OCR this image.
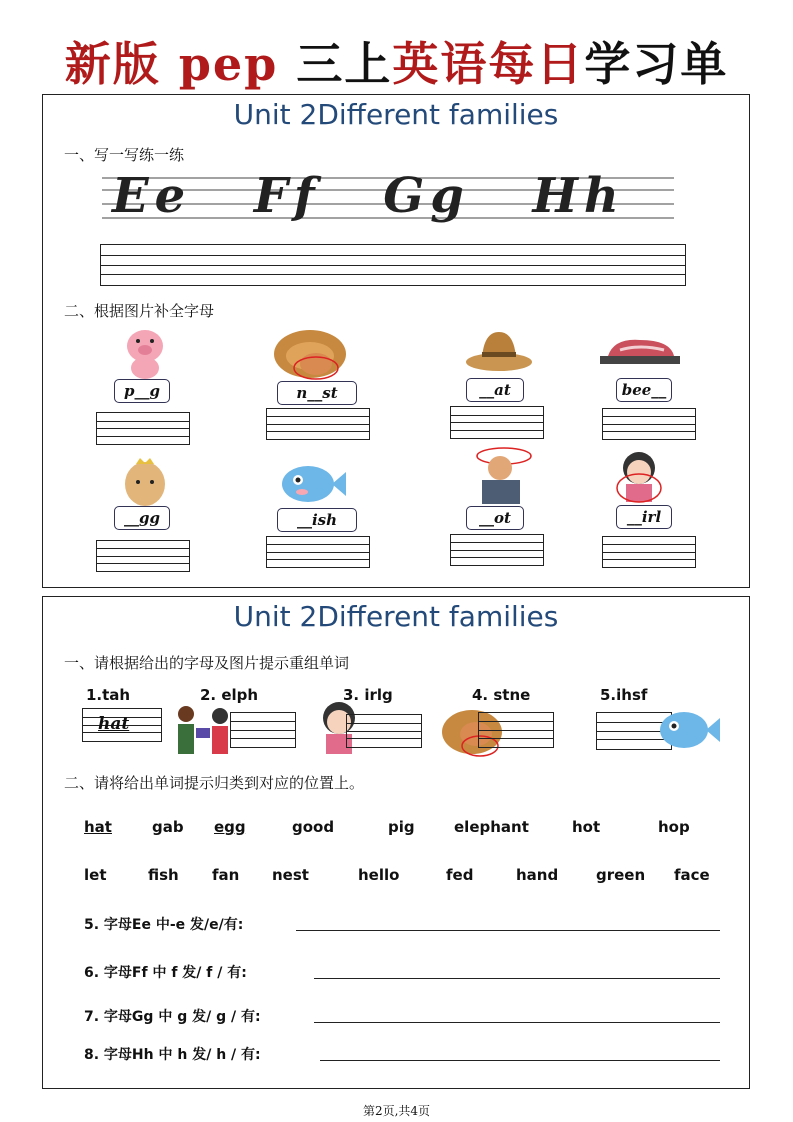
新版 pep 三上英语每日学习单
Unit 2Different families
一、写一写练一练
Ee Ff Gg Hh
二、根据图片补全字母
p__g	n__st	__at	bee__
__gg	__ish	__ot	__irl
Unit 2Different families
一、请根据给出的字母及图片提示重组单词
1.tah	2. elph	3. irlg	4. stne	5.ihsf
hat
二、请将给出单词提示归类到对应的位置上。
hat	gab egg	good	pig	elephant	hot	hop
let	fish fan nest	hello	fed	hand	green face
5. 字母Ee 中-e 发/e/有:
6. 字母Ff 中 f 发/ f / 有:
7. 字母Gg 中 g 发/ g / 有:
8. 字母Hh 中 h 发/ h / 有:
第2页,共4页
